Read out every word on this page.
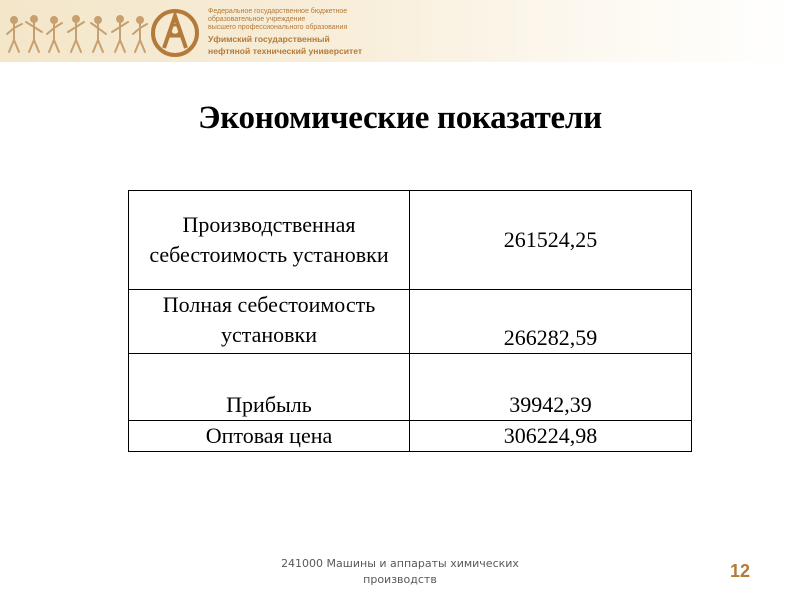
Федеральное государственное бюджетное
образовательное учреждение
высшего профессионального образования
Уфимский государственный
нефтяной технический университет
Экономические показатели
Производственная себестоимость установки	261524,25
Полная себестоимость установки	266282,59
Прибыль	39942,39
Оптовая цена	306224,98
241000 Машины и аппараты химических производств	12
